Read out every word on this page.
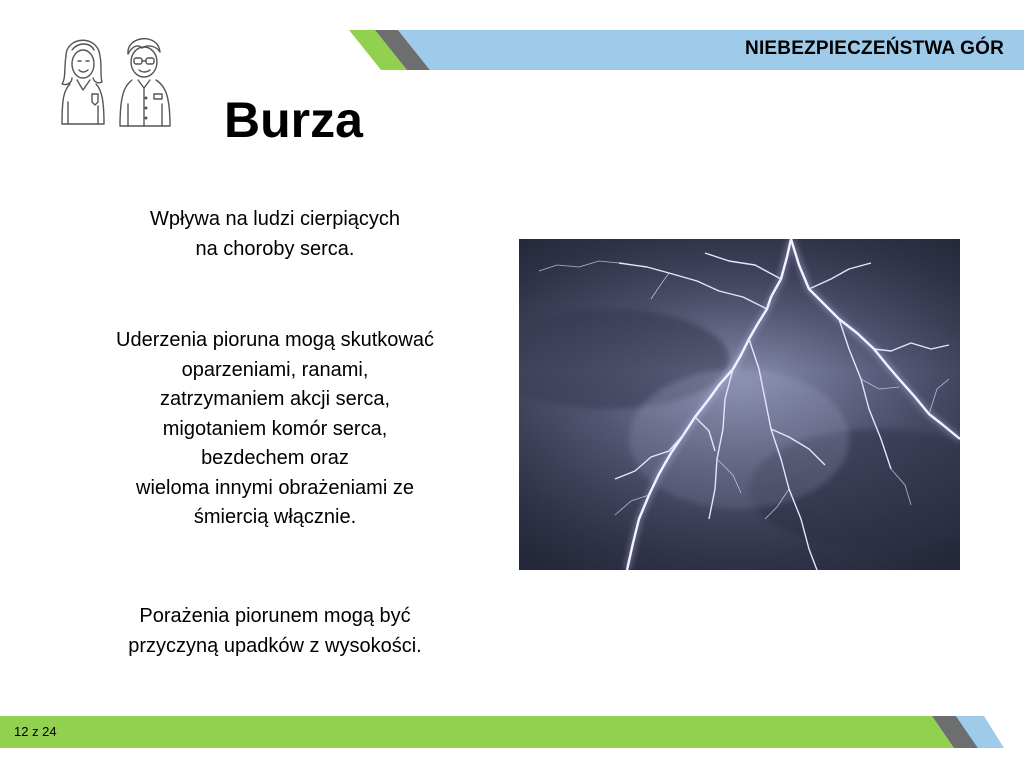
NIEBEZPIECZEŃSTWA GÓR
Burza

Wpływa na ludzi cierpiących
na choroby serca.

Uderzenia pioruna mogą skutkować
oparzeniami, ranami,
zatrzymaniem akcji serca,
migotaniem komór serca,
bezdechem oraz
wieloma innymi obrażeniami ze
śmiercią włącznie.

Porażenia piorunem mogą być
przyczyną upadków z wysokości.

12 z 24
